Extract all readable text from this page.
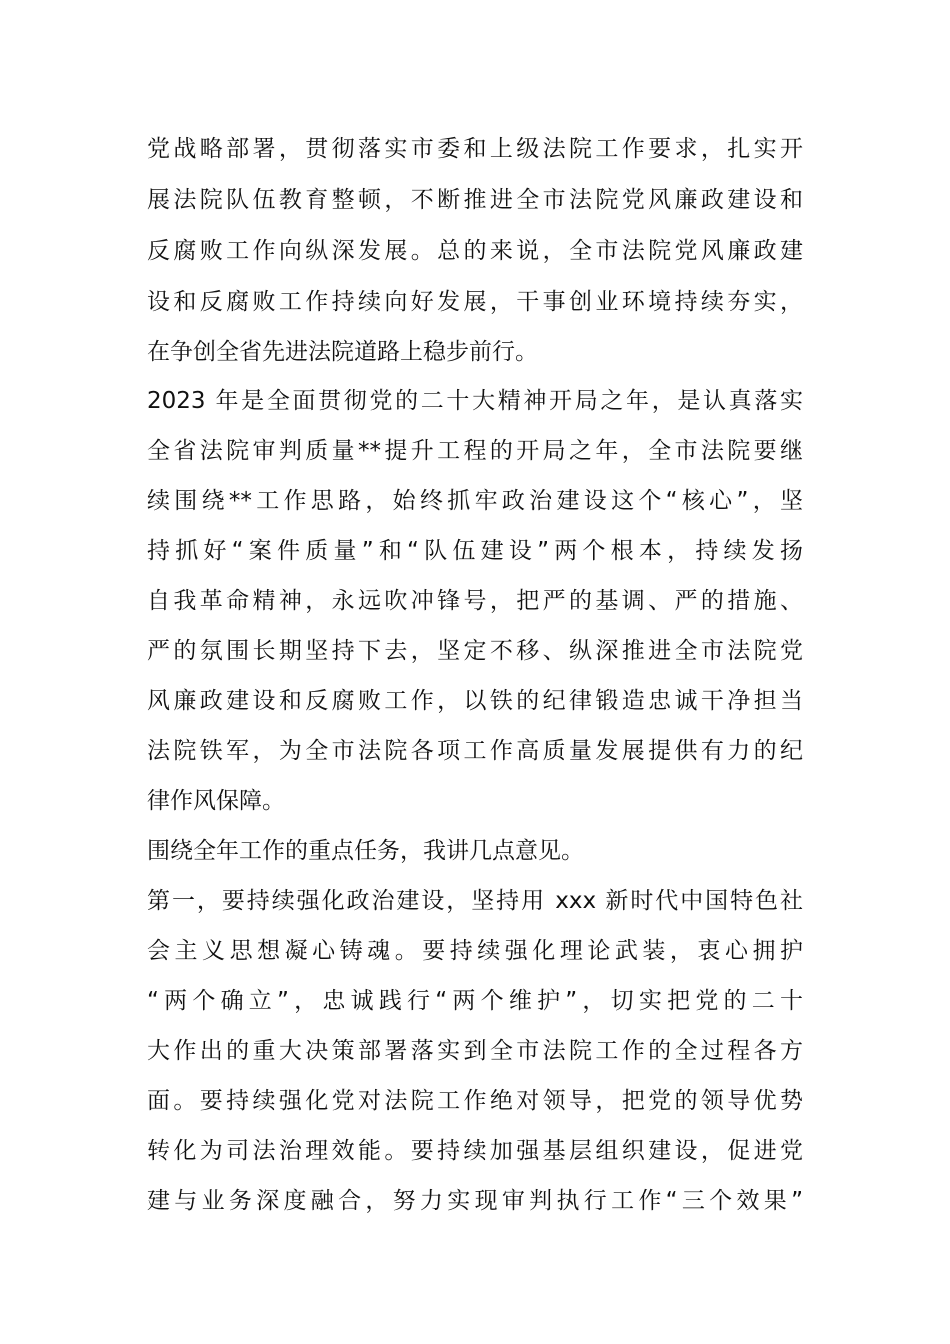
党战略部署，贯彻落实市委和上级法院工作要求，扎实开
展法院队伍教育整顿，不断推进全市法院党风廉政建设和
反腐败工作向纵深发展。总的来说，全市法院党风廉政建
设和反腐败工作持续向好发展，干事创业环境持续夯实，
在争创全省先进法院道路上稳步前行。
2023 年是全面贯彻党的二十大精神开局之年，是认真落实
全省法院审判质量**提升工程的开局之年，全市法院要继
续围绕**工作思路，始终抓牢政治建设这个“核心”，坚
持抓好“案件质量”和“队伍建设”两个根本，持续发扬
自我革命精神，永远吹冲锋号，把严的基调、严的措施、
严的氛围长期坚持下去，坚定不移、纵深推进全市法院党
风廉政建设和反腐败工作，以铁的纪律锻造忠诚干净担当
法院铁军，为全市法院各项工作高质量发展提供有力的纪
律作风保障。
围绕全年工作的重点任务，我讲几点意见。
第一，要持续强化政治建设，坚持用 xxx 新时代中国特色社
会主义思想凝心铸魂。要持续强化理论武装，衷心拥护
“两个确立”，忠诚践行“两个维护”，切实把党的二十
大作出的重大决策部署落实到全市法院工作的全过程各方
面。要持续强化党对法院工作绝对领导，把党的领导优势
转化为司法治理效能。要持续加强基层组织建设，促进党
建与业务深度融合，努力实现审判执行工作“三个效果”
